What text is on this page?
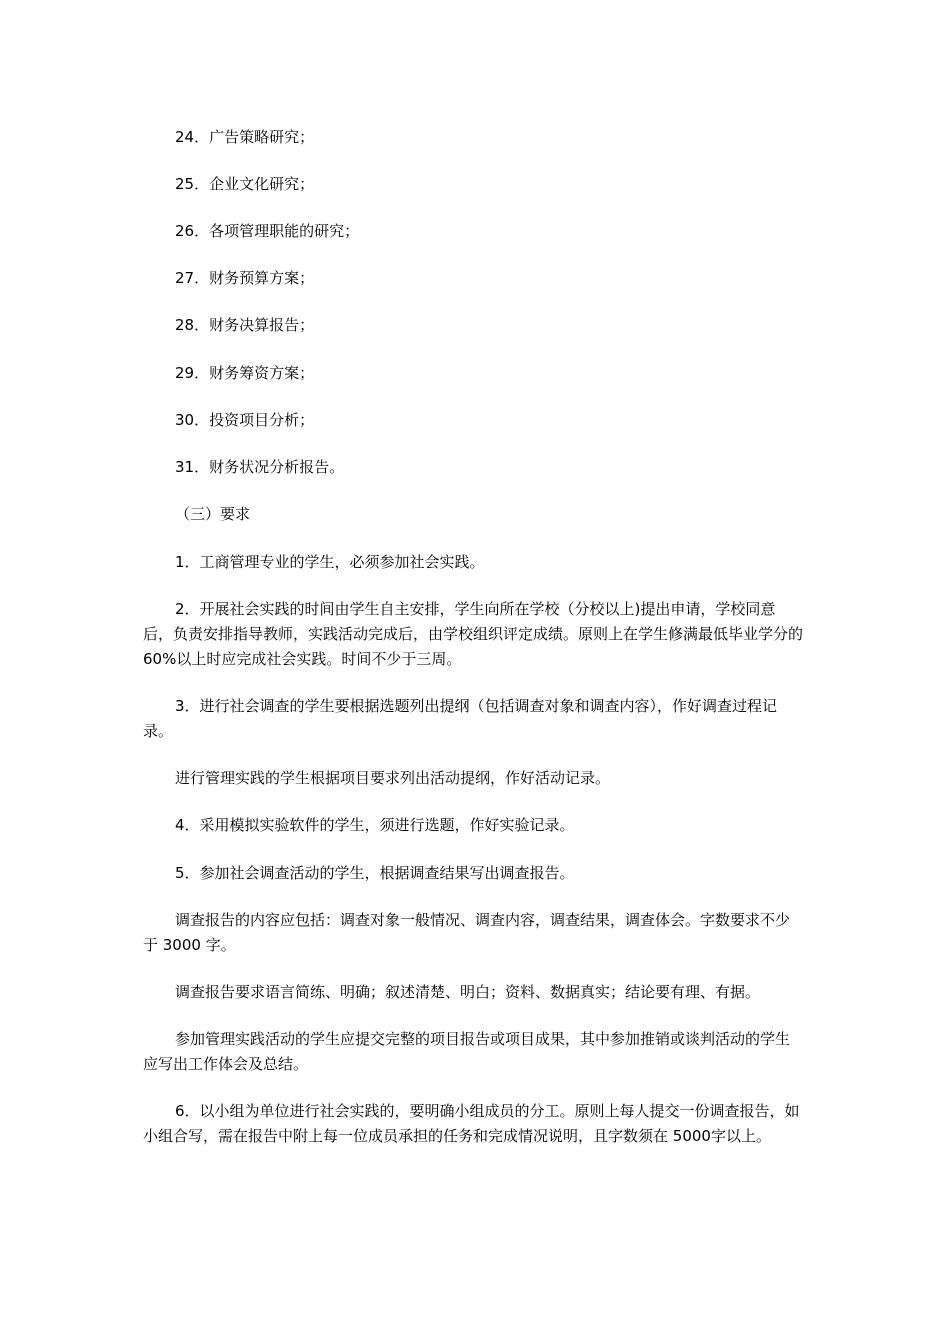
24．广告策略研究；

25．企业文化研究；

26．各项管理职能的研究；

27．财务预算方案；

28．财务决算报告；

29．财务筹资方案；

30．投资项目分析；

31．财务状况分析报告。

（三）要求

1．工商管理专业的学生，必须参加社会实践。

2．开展社会实践的时间由学生自主安排，学生向所在学校（分校以上)提出申请，学校同意后，负责安排指导教师，实践活动完成后，由学校组织评定成绩。原则上在学生修满最低毕业学分的 60%以上时应完成社会实践。时间不少于三周。

3．进行社会调查的学生要根据选题列出提纲（包括调查对象和调查内容），作好调查过程记录。

进行管理实践的学生根据项目要求列出活动提纲，作好活动记录。

4．采用模拟实验软件的学生，须进行选题，作好实验记录。

5．参加社会调查活动的学生，根据调查结果写出调查报告。

调查报告的内容应包括：调查对象一般情况、调查内容，调查结果，调查体会。字数要求不少于 3000 字。

调查报告要求语言简练、明确；叙述清楚、明白；资料、数据真实；结论要有理、有据。

参加管理实践活动的学生应提交完整的项目报告或项目成果，其中参加推销或谈判活动的学生应写出工作体会及总结。

6．以小组为单位进行社会实践的，要明确小组成员的分工。原则上每人提交一份调查报告，如小组合写，需在报告中附上每一位成员承担的任务和完成情况说明，且字数须在 5000字以上。
